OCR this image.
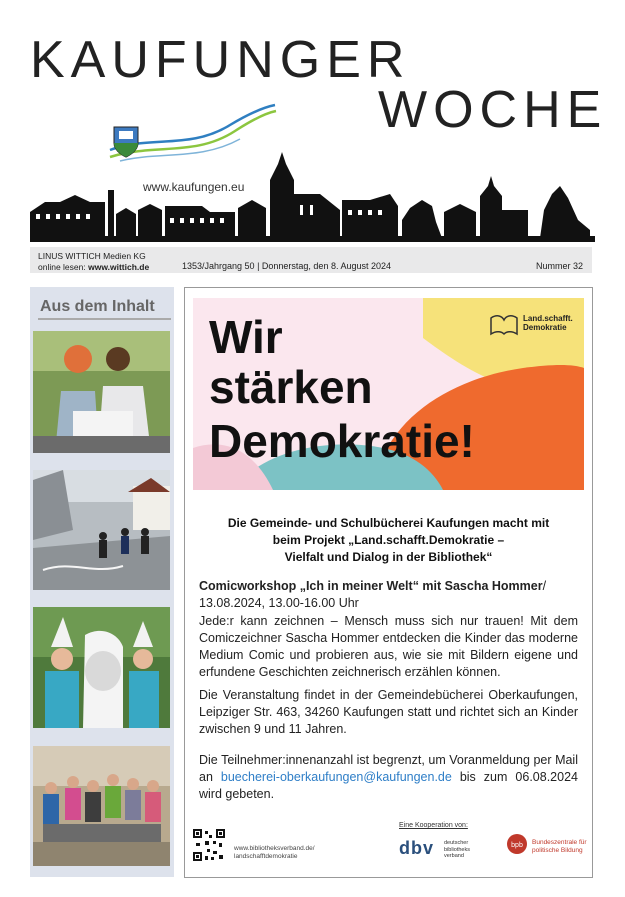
KAUFUNGER
WOCHE
www.kaufungen.eu
LINUS WITTICH Medien KG
online lesen: www.wittich.de	1353/Jahrgang 50 | Donnerstag, den 8. August 2024	Nummer 32
Aus dem Inhalt
Wir
stärken
Demokratie!
Land.schafft.
Demokratie
Die Gemeinde- und Schulbücherei Kaufungen macht mit
beim Projekt „Land.schafft.Demokratie –
Vielfalt und Dialog in der Bibliothek“
Comicworkshop „Ich in meiner Welt“ mit Sascha Hommer/
13.08.2024, 13.00-16.00 Uhr
Jede:r kann zeichnen – Mensch muss sich nur trauen! Mit dem Comiczeichner Sascha Hommer entdecken die Kinder das moderne Medium Comic und probieren aus, wie sie mit Bildern eigene und erfundene Geschichten zeichnerisch erzählen können.
Die Veranstaltung findet in der Gemeindebücherei Oberkaufungen, Leipziger Str. 463, 34260 Kaufungen statt und richtet sich an Kinder zwischen 9 und 11 Jahren.
Die Teilnehmer:innenanzahl ist begrenzt, um Voranmeldung per Mail an buecherei-oberkaufungen@kaufungen.de bis zum 06.08.2024 wird gebeten.
www.bibliotheksverband.de/
landschafftdemokratie
Eine Kooperation von:
dbv deutscher
bibliotheks
verband
bpb Bundeszentrale für
politische Bildung
